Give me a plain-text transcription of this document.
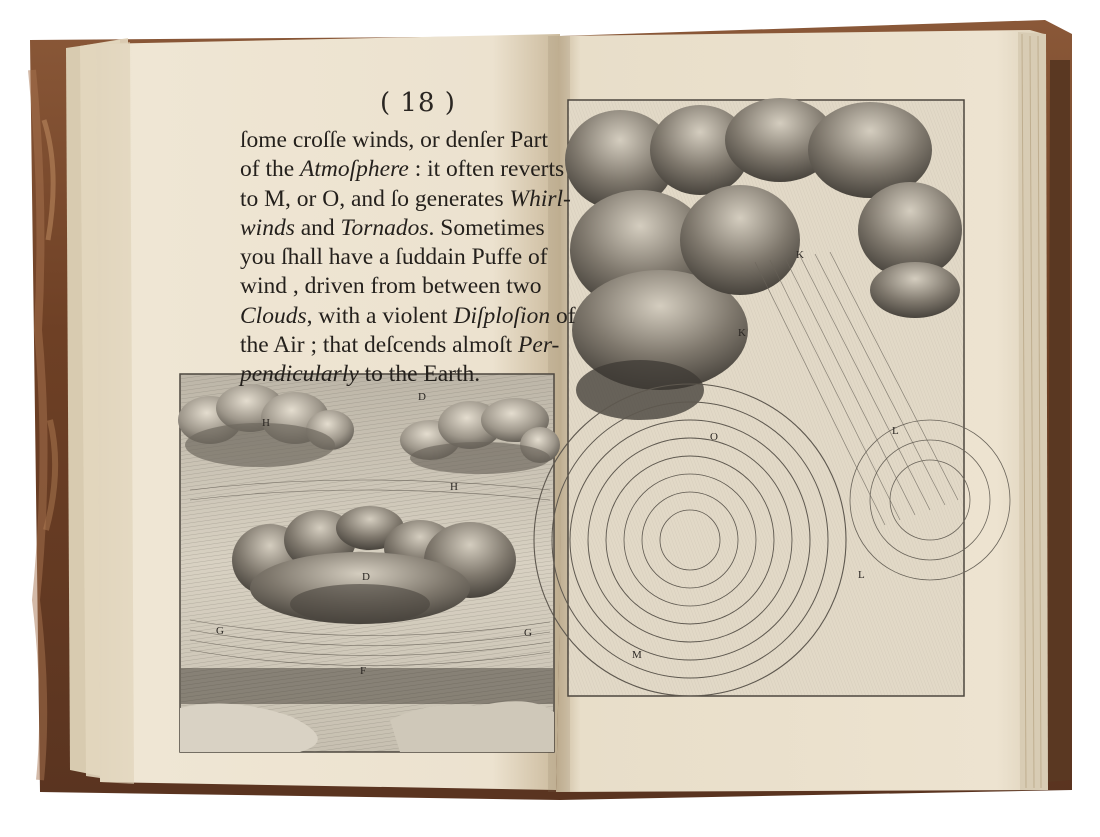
D
H
H
D
G	G
F
K
K
O	L
L
M
( 18 )
ſome croſſe winds, or denſer Part
of the Atmoſphere : it often reverts
to M, or O, and ſo generates Whirl-
winds and Tornados. Sometimes
you ſhall have a ſuddain Puffe of
wind , driven from between two
Clouds, with a violent Diſploſion of
the Air ; that deſcends almoſt Per-
pendicularly to the Earth.
